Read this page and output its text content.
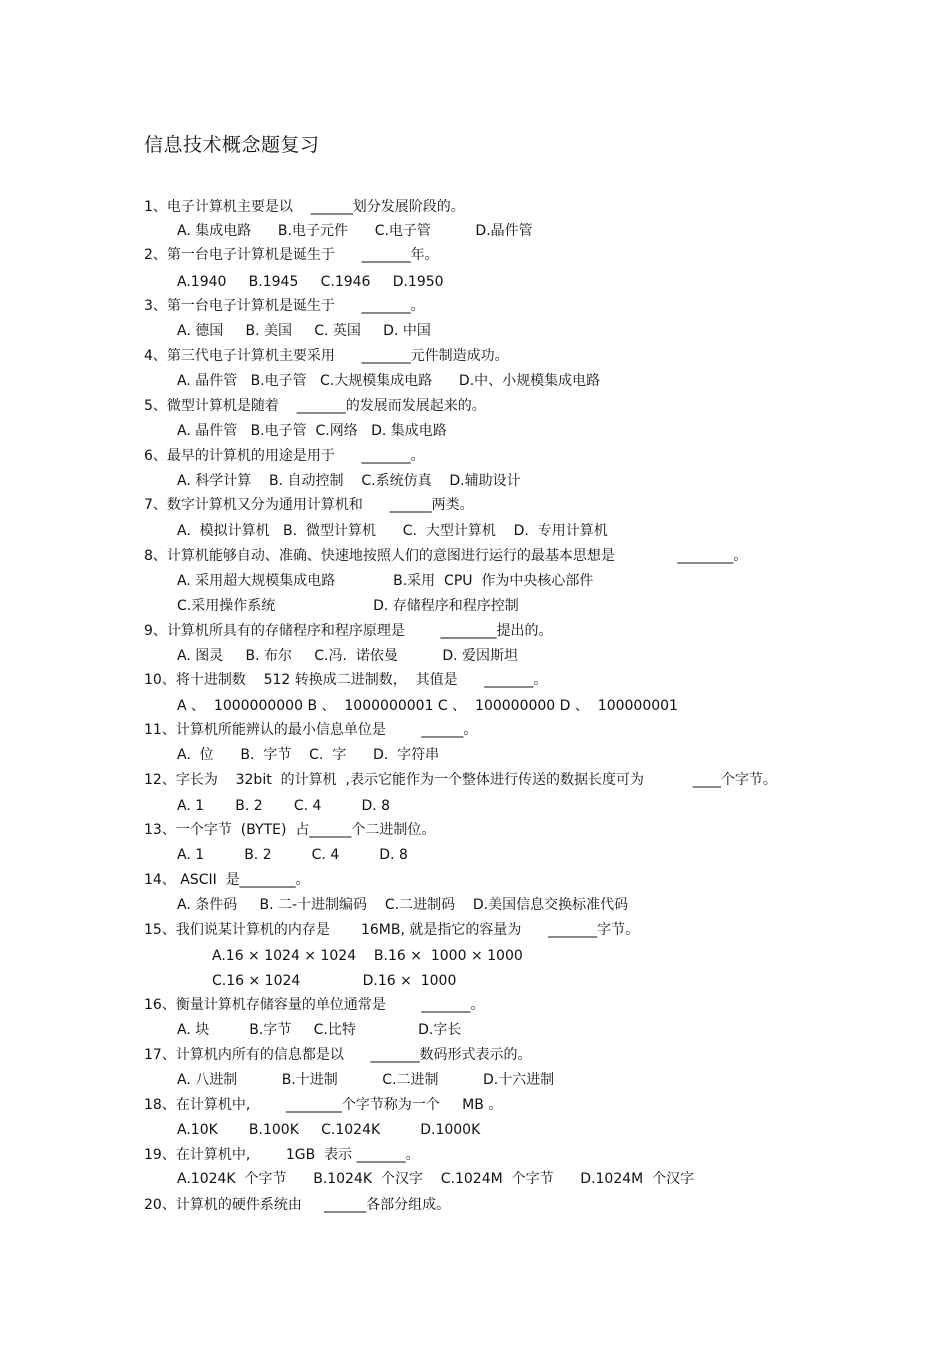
信息技术概念题复习
1、电子计算机主要是以    ______划分发展阶段的。
A. 集成电路      B.电子元件      C.电子管          D.晶件管
2、第一台电子计算机是诞生于      _______年。
A.1940     B.1945     C.1946     D.1950
3、第一台电子计算机是诞生于      _______。
A. 德国     B. 美国     C. 英国     D. 中国
4、第三代电子计算机主要采用      _______元件制造成功。
A. 晶件管   B.电子管   C.大规模集成电路      D.中、小规模集成电路
5、微型计算机是随着    _______的发展而发展起来的。
A. 晶件管   B.电子管  C.网络   D. 集成电路
6、最早的计算机的用途是用于      _______。
A. 科学计算    B. 自动控制    C.系统仿真    D.辅助设计
7、数字计算机又分为通用计算机和      ______两类。
A.  模拟计算机   B.  微型计算机      C.  大型计算机    D.  专用计算机
8、计算机能够自动、准确、快速地按照人们的意图进行运行的最基本思想是              ________。
A. 采用超大规模集成电路             B.采用  CPU  作为中央核心部件
C.采用操作系统                      D. 存储程序和程序控制
9、计算机所具有的存储程序和程序原理是        ________提出的。
A. 图灵     B. 布尔     C.冯.  诺依曼          D. 爱因斯坦
10、将十进制数    512 转换成二进制数，  其值是      _______。
A 、  1000000000 B 、  1000000001 C 、  100000000 D 、  100000001
11、计算机所能辨认的最小信息单位是        ______。
A.  位      B.  字节    C.  字      D.  字符串
12、字长为    32bit  的计算机  ,表示它能作为一个整体进行传送的数据长度可为           ____个字节。
A. 1       B. 2       C. 4         D. 8
13、一个字节  (BYTE)  占______个二进制位。
A. 1         B. 2         C. 4         D. 8
14、 ASCII  是________。
A. 条件码     B. 二-十进制编码    C.二进制码    D.美国信息交换标准代码
15、我们说某计算机的内存是       16MB, 就是指它的容量为      _______字节。
A.16 × 1024 × 1024    B.16 ×  1000 × 1000
C.16 × 1024              D.16 ×  1000
16、衡量计算机存储容量的单位通常是        _______。
A. 块         B.字节     C.比特              D.字长
17、计算机内所有的信息都是以      _______数码形式表示的。
A. 八进制          B.十进制          C.二进制          D.十六进制
18、在计算机中,        ________个字节称为一个     MB 。
A.10K       B.100K     C.1024K         D.1000K
19、在计算机中,        1GB  表示 _______。
A.1024K  个字节      B.1024K  个汉字    C.1024M  个字节      D.1024M  个汉字
20、计算机的硬件系统由     ______各部分组成。
